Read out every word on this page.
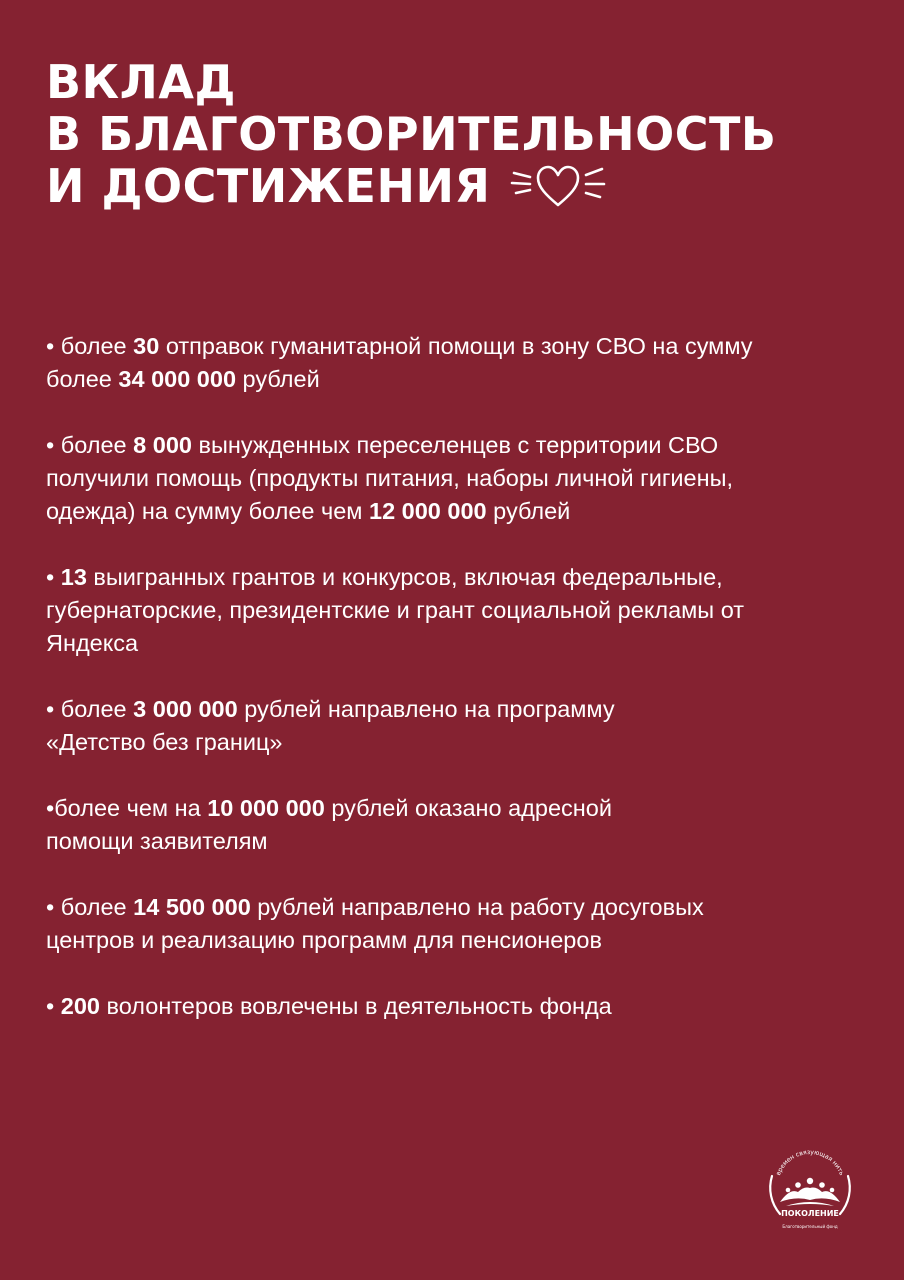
ВКЛАД
В БЛАГОТВОРИТЕЛЬНОСТЬ
И ДОСТИЖЕНИЯ

• более 30 отправок гуманитарной помощи в зону СВО на сумму
более 34 000 000 рублей

• более 8 000 вынужденных переселенцев с территории СВО
получили помощь (продукты питания, наборы личной гигиены,
одежда) на сумму более чем 12 000 000 рублей

• 13 выигранных грантов и конкурсов, включая федеральные,
губернаторские, президентские и грант социальной рекламы от
Яндекса

• более 3 000 000 рублей направлено на программу
«Детство без границ»

•более чем на 10 000 000 рублей оказано адресной
помощи заявителям

• более 14 500 000 рублей направлено на работу досуговых
центров и реализацию программ для пенсионеров

• 200 волонтеров вовлечены в деятельность фонда

времен связующая нить
ПОКОЛЕНИЕ
Благотворительный фонд
